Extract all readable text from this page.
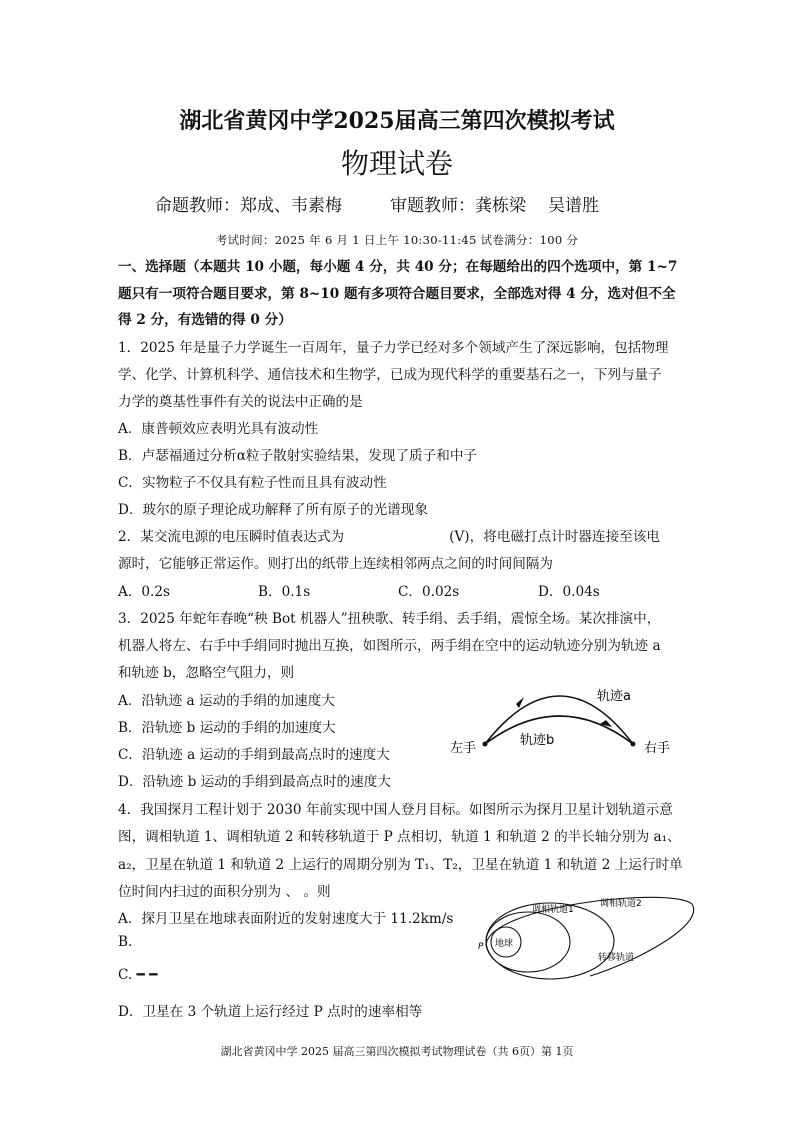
湖北省黄冈中学2025届高三第四次模拟考试
物理试卷
命题教师：郑成、韦素梅	审题教师：龚栋梁 吴谱胜
考试时间：2025 年 6 月 1 日上午 10:30-11:45 试卷满分：100 分
一、选择题（本题共 10 小题，每小题 4 分，共 40 分；在每题给出的四个选项中，第 1~7
题只有一项符合题目要求，第 8~10 题有多项符合题目要求，全部选对得 4 分，选对但不全
得 2 分，有选错的得 0 分）
1．2025 年是量子力学诞生一百周年，量子力学已经对多个领域产生了深远影响，包括物理
学、化学、计算机科学、通信技术和生物学，已成为现代科学的重要基石之一，下列与量子
力学的奠基性事件有关的说法中正确的是
A．康普顿效应表明光具有波动性
B．卢瑟福通过分析α粒子散射实验结果，发现了质子和中子
C．实物粒子不仅具有粒子性而且具有波动性
D．玻尔的原子理论成功解释了所有原子的光谱现象
2．某交流电源的电压瞬时值表达式为	(V)，将电磁打点计时器连接至该电
源时，它能够正常运作。则打出的纸带上连续相邻两点之间的时间间隔为
A．0.2s	B．0.1s	C．0.02s	D．0.04s
3．2025 年蛇年春晚“秧 Bot 机器人”扭秧歌、转手绢、丢手绢，震惊全场。某次排演中，
机器人将左、右手中手绢同时抛出互换，如图所示，两手绢在空中的运动轨迹分别为轨迹 a
和轨迹 b，忽略空气阻力，则
A．沿轨迹 a 运动的手绢的加速度大
B．沿轨迹 b 运动的手绢的加速度大
C．沿轨迹 a 运动的手绢到最高点时的速度大
D．沿轨迹 b 运动的手绢到最高点时的速度大
左手	右手
轨迹a
轨迹b
4．我国探月工程计划于 2030 年前实现中国人登月目标。如图所示为探月卫星计划轨道示意
图，调相轨道 1、调相轨道 2 和转移轨道于 P 点相切，轨道 1 和轨道 2 的半长轴分别为 a₁、
a₂，卫星在轨道 1 和轨道 2 上运行的周期分别为 T₁、T₂，卫星在轨道 1 和轨道 2 上运行时单
位时间内扫过的面积分别为 、 。则
A．探月卫星在地球表面附近的发射速度大于 11.2km/s
B.
C. ━ ━
D．卫星在 3 个轨道上运行经过 P 点时的速率相等
地球
调相轨道1
调相轨道2
转移轨道
P
湖北省黄冈中学 2025 届高三第四次模拟考试物理试卷（共 6页）第 1页
